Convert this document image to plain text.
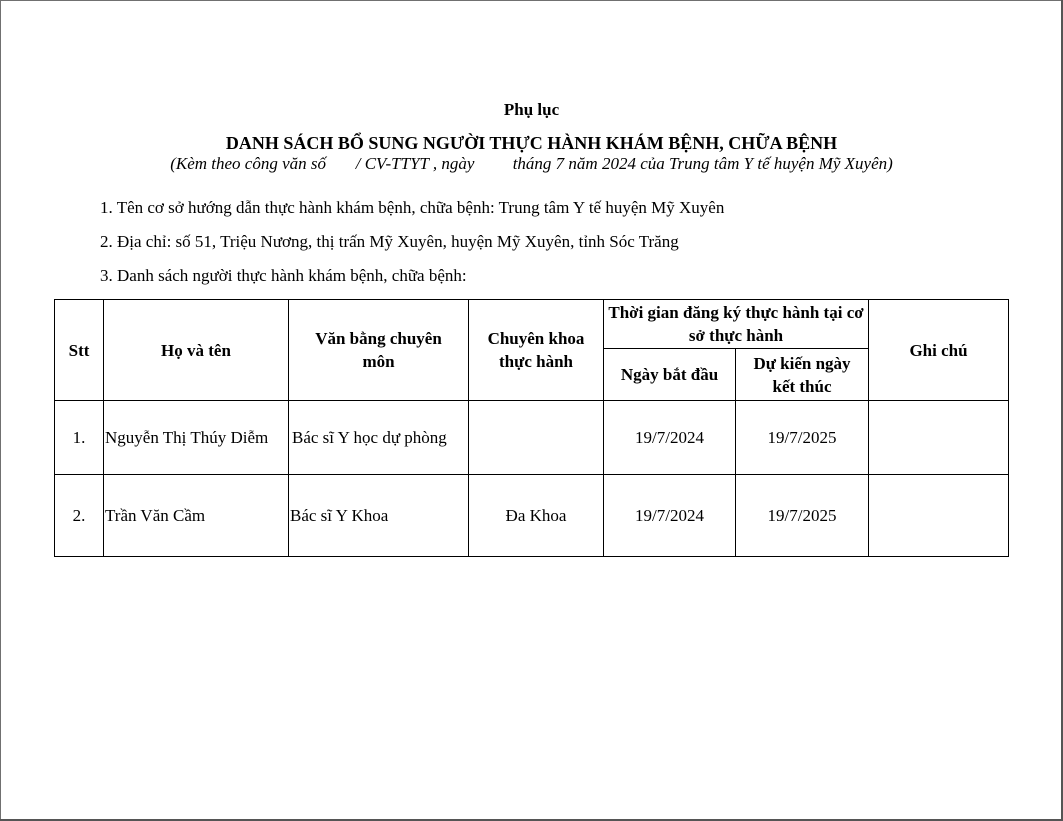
Phụ lục
DANH SÁCH BỔ SUNG NGƯỜI THỰC HÀNH KHÁM BỆNH, CHỮA BỆNH
(Kèm theo công văn số       / CV-TTYT , ngày         tháng 7 năm 2024 của Trung tâm Y tế huyện Mỹ Xuyên)
1. Tên cơ sở hướng dẫn thực hành khám bệnh, chữa bệnh: Trung tâm Y tế huyện Mỹ Xuyên
2. Địa chỉ: số 51, Triệu Nương, thị trấn Mỹ Xuyên, huyện Mỹ Xuyên, tỉnh Sóc Trăng
3. Danh sách người thực hành khám bệnh, chữa bệnh:
Stt	Họ và tên	Văn bằng chuyên môn	Chuyên khoa thực hành	Thời gian đăng ký thực hành tại cơ sở thực hành		Ghi chú
				Ngày bắt đầu	Dự kiến ngày kết thúc	
1.	Nguyễn Thị Thúy Diễm	Bác sĩ Y học dự phòng		19/7/2024	19/7/2025	
2.	Trần Văn Cầm	Bác sĩ Y Khoa	Đa Khoa	19/7/2024	19/7/2025	
